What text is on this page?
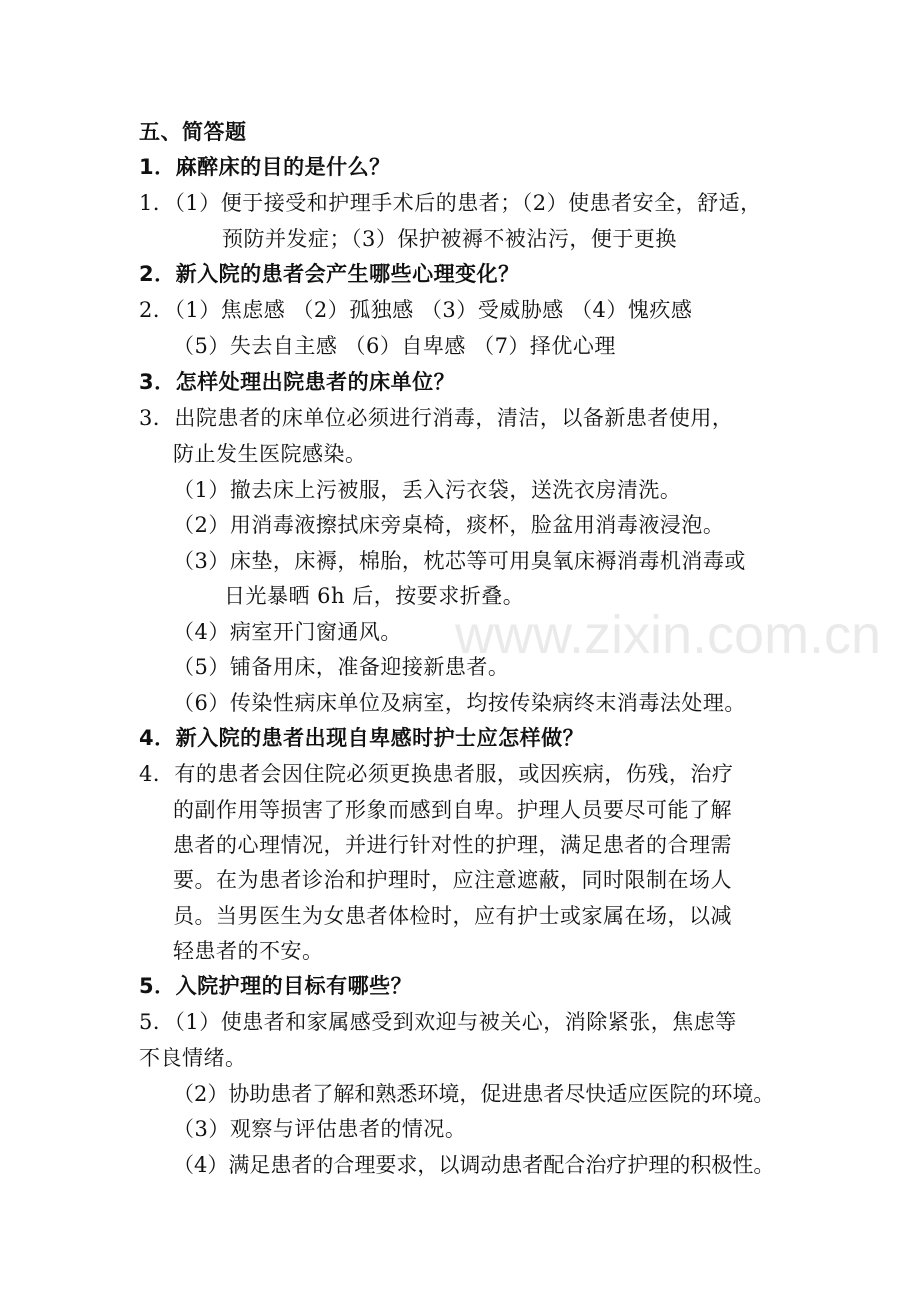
www.zixin.com.cn
五、简答题
1．麻醉床的目的是什么？
1．（1）便于接受和护理手术后的患者；（2）使患者安全，舒适，
预防并发症；（3）保护被褥不被沾污，便于更换
2．新入院的患者会产生哪些心理变化？
2．（1）焦虑感 （2）孤独感 （3）受威胁感 （4）愧疚感
（5）失去自主感 （6）自卑感 （7）择优心理
3．怎样处理出院患者的床单位？
3．出院患者的床单位必须进行消毒，清洁，以备新患者使用，
防止发生医院感染。
（1）撤去床上污被服，丢入污衣袋，送洗衣房清洗。
（2）用消毒液擦拭床旁桌椅，痰杯，脸盆用消毒液浸泡。
（3）床垫，床褥，棉胎，枕芯等可用臭氧床褥消毒机消毒或
日光暴晒 6h 后，按要求折叠。
（4）病室开门窗通风。
（5）铺备用床，准备迎接新患者。
（6）传染性病床单位及病室，均按传染病终末消毒法处理。
4．新入院的患者出现自卑感时护士应怎样做？
4．有的患者会因住院必须更换患者服，或因疾病，伤残，治疗
的副作用等损害了形象而感到自卑。护理人员要尽可能了解
患者的心理情况，并进行针对性的护理，满足患者的合理需
要。在为患者诊治和护理时，应注意遮蔽，同时限制在场人
员。当男医生为女患者体检时，应有护士或家属在场，以减
轻患者的不安。
5．入院护理的目标有哪些？
5．（1）使患者和家属感受到欢迎与被关心，消除紧张，焦虑等
不良情绪。
（2）协助患者了解和熟悉环境，促进患者尽快适应医院的环境。
（3）观察与评估患者的情况。
（4）满足患者的合理要求，以调动患者配合治疗护理的积极性。
